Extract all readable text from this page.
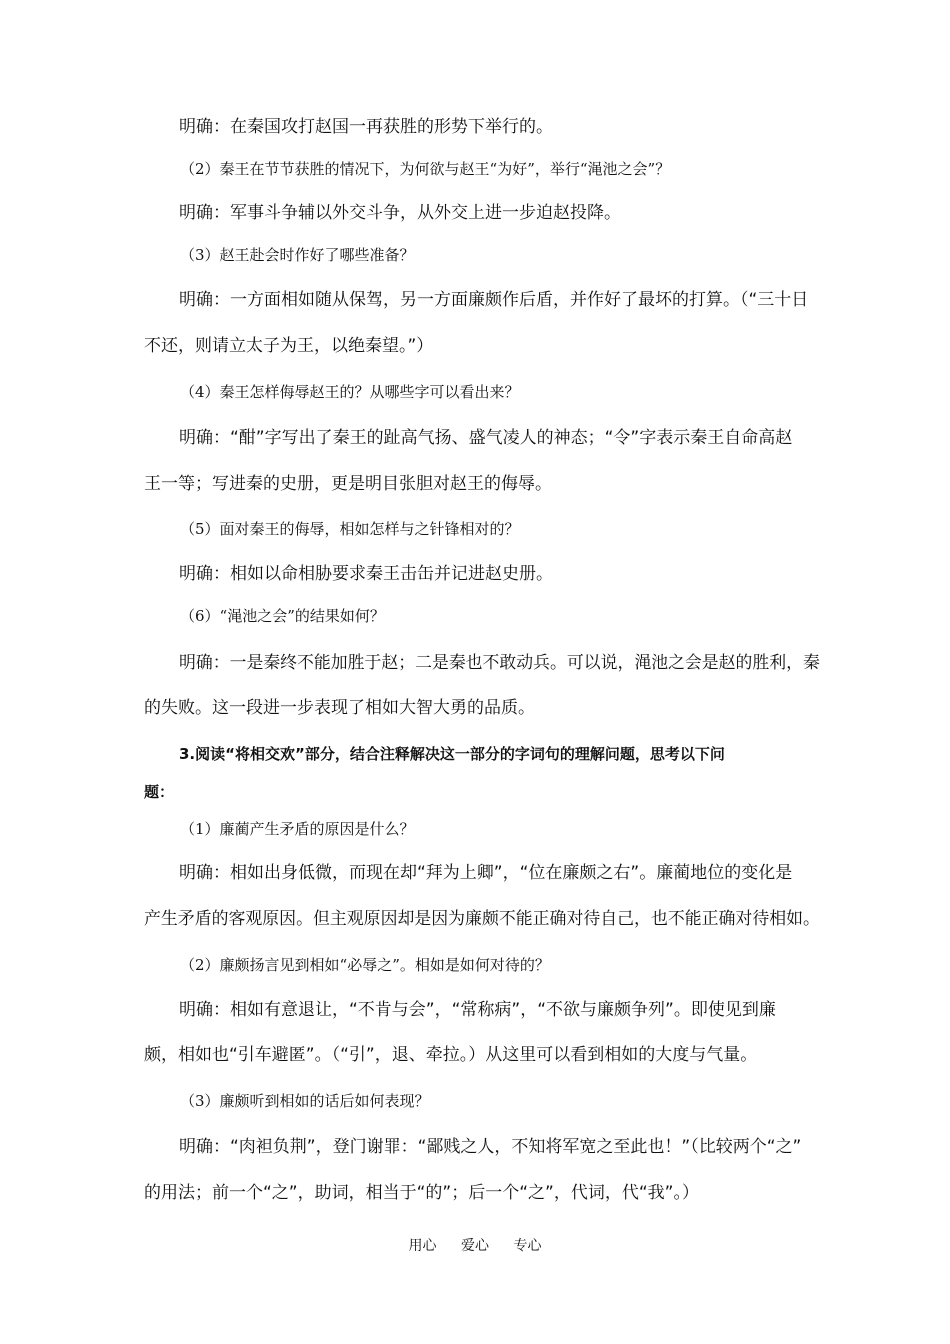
明确：在秦国攻打赵国一再获胜的形势下举行的。
（2）秦王在节节获胜的情况下，为何欲与赵王“为好”，举行“渑池之会”？
明确：军事斗争辅以外交斗争，从外交上进一步迫赵投降。
（3）赵王赴会时作好了哪些准备？
明确：一方面相如随从保驾，另一方面廉颇作后盾，并作好了最坏的打算。（“三十日
不还，则请立太子为王，以绝秦望。”）
（4）秦王怎样侮辱赵王的？从哪些字可以看出来？
明确：“酣”字写出了秦王的趾高气扬、盛气凌人的神态；“令”字表示秦王自命高赵
王一等；写进秦的史册，更是明目张胆对赵王的侮辱。
（5）面对秦王的侮辱，相如怎样与之针锋相对的？
明确：相如以命相胁要求秦王击缶并记进赵史册。
（6）“渑池之会”的结果如何？
明确：一是秦终不能加胜于赵；二是秦也不敢动兵。可以说，渑池之会是赵的胜利，秦
的失败。这一段进一步表现了相如大智大勇的品质。
3.阅读“将相交欢”部分，结合注释解决这一部分的字词句的理解问题，思考以下问
题：
（1）廉蔺产生矛盾的原因是什么？
明确：相如出身低微，而现在却“拜为上卿”，“位在廉颇之右”。廉蔺地位的变化是
产生矛盾的客观原因。但主观原因却是因为廉颇不能正确对待自己，也不能正确对待相如。
（2）廉颇扬言见到相如“必辱之”。相如是如何对待的？
明确：相如有意退让，“不肯与会”，“常称病”，“不欲与廉颇争列”。即使见到廉
颇，相如也“引车避匿”。（“引”，退、牵拉。）从这里可以看到相如的大度与气量。
（3）廉颇听到相如的话后如何表现？
明确：“肉袒负荆”，登门谢罪：“鄙贱之人，不知将军宽之至此也！”（比较两个“之”
的用法；前一个“之”，助词，相当于“的”；后一个“之”，代词，代“我”。）
用心 爱心 专心
